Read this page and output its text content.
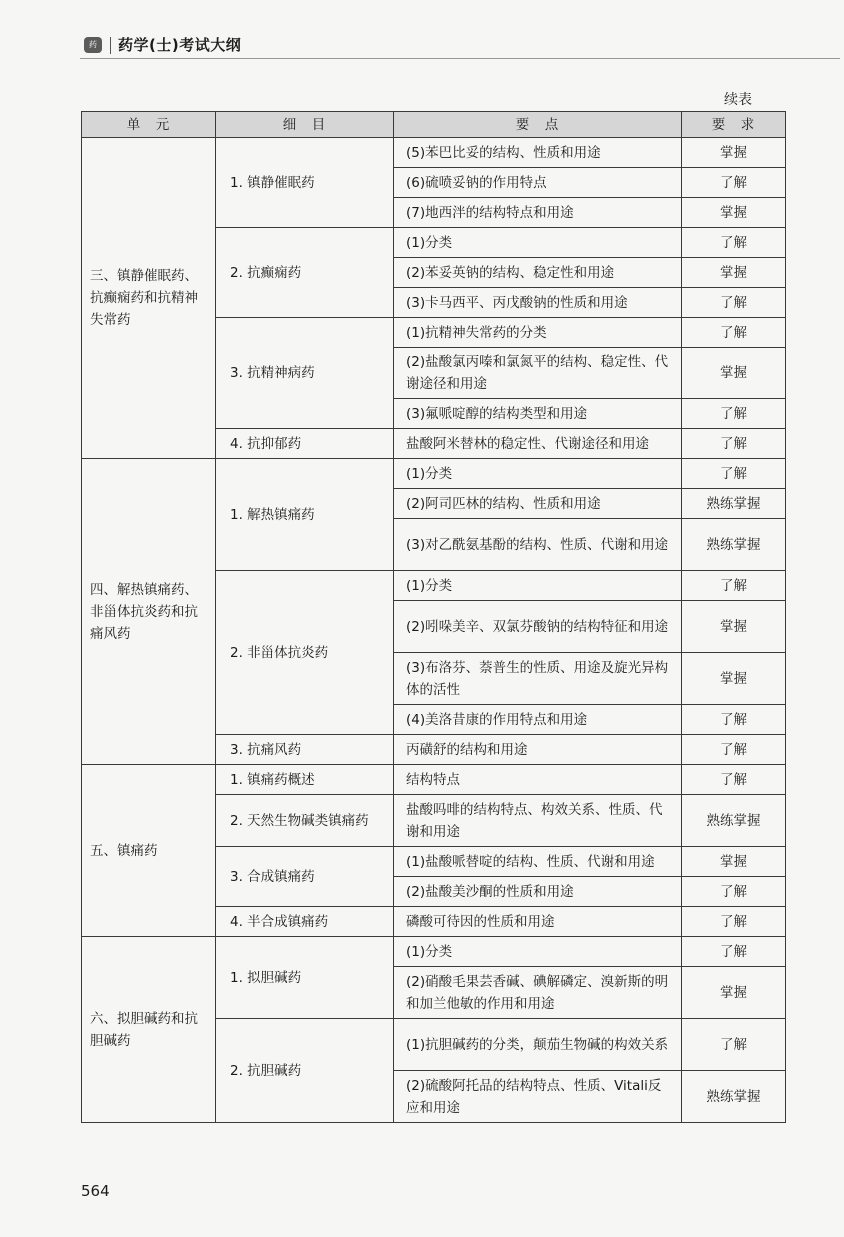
药	药学(士)考试大纲
续表
单　元	细　目	要　点	要　求
三、镇静催眠药、抗癫痫药和抗精神失常药	1. 镇静催眠药	(5)苯巴比妥的结构、性质和用途	掌握
		(6)硫喷妥钠的作用特点	了解
		(7)地西泮的结构特点和用途	掌握
	2. 抗癫痫药	(1)分类	了解
		(2)苯妥英钠的结构、稳定性和用途	掌握
		(3)卡马西平、丙戊酸钠的性质和用途	了解
	3. 抗精神病药	(1)抗精神失常药的分类	了解
		(2)盐酸氯丙嗪和氯氮平的结构、稳定性、代谢途径和用途	掌握
		(3)氟哌啶醇的结构类型和用途	了解
	4. 抗抑郁药	盐酸阿米替林的稳定性、代谢途径和用途	了解
四、解热镇痛药、非甾体抗炎药和抗痛风药	1. 解热镇痛药	(1)分类	了解
		(2)阿司匹林的结构、性质和用途	熟练掌握
		(3)对乙酰氨基酚的结构、性质、代谢和用途	熟练掌握
	2. 非甾体抗炎药	(1)分类	了解
		(2)吲哚美辛、双氯芬酸钠的结构特征和用途	掌握
		(3)布洛芬、萘普生的性质、用途及旋光异构体的活性	掌握
		(4)美洛昔康的作用特点和用途	了解
	3. 抗痛风药	丙磺舒的结构和用途	了解
五、镇痛药	1. 镇痛药概述	结构特点	了解
	2. 天然生物碱类镇痛药	盐酸吗啡的结构特点、构效关系、性质、代谢和用途	熟练掌握
	3. 合成镇痛药	(1)盐酸哌替啶的结构、性质、代谢和用途	掌握
		(2)盐酸美沙酮的性质和用途	了解
	4. 半合成镇痛药	磷酸可待因的性质和用途	了解
六、拟胆碱药和抗胆碱药	1. 拟胆碱药	(1)分类	了解
		(2)硝酸毛果芸香碱、碘解磷定、溴新斯的明和加兰他敏的作用和用途	掌握
	2. 抗胆碱药	(1)抗胆碱药的分类，颠茄生物碱的构效关系	了解
		(2)硫酸阿托品的结构特点、性质、Vitali反应和用途	熟练掌握
564
